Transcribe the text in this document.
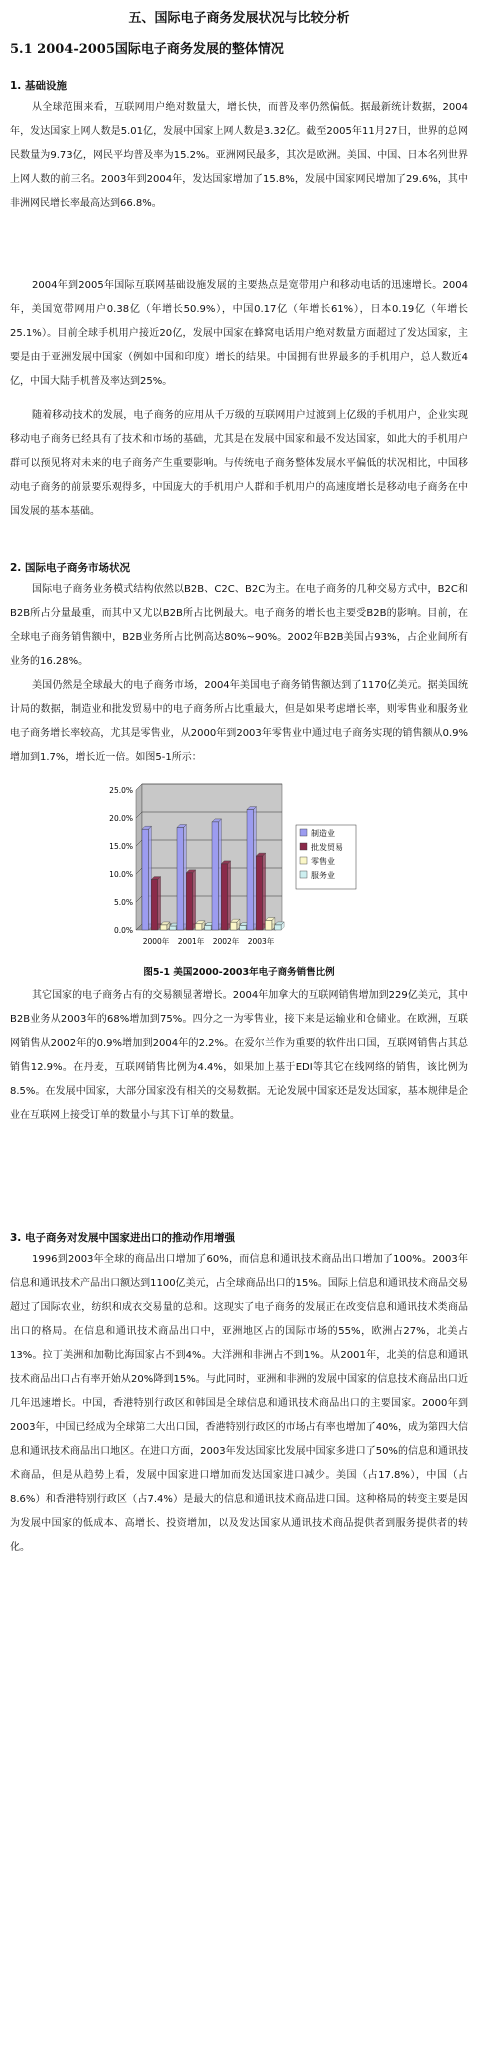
五、国际电子商务发展状况与比较分析
5.1 2004-2005国际电子商务发展的整体情况
1. 基础设施

从全球范围来看，互联网用户绝对数量大，增长快，而普及率仍然偏低。据最新统计数据，2004年，发达国家上网人数是5.01亿，发展中国家上网人数是3.32亿。截至2005年11月27日，世界的总网民数量为9.73亿，网民平均普及率为15.2%。亚洲网民最多，其次是欧洲。美国、中国、日本名列世界上网人数的前三名。2003年到2004年，发达国家增加了15.8%，发展中国家网民增加了29.6%，其中非洲网民增长率最高达到66.8%。

2004年到2005年国际互联网基础设施发展的主要热点是宽带用户和移动电话的迅速增长。2004年，美国宽带网用户0.38亿（年增长50.9%），中国0.17亿（年增长61%），日本0.19亿（年增长25.1%）。目前全球手机用户接近20亿，发展中国家在蜂窝电话用户绝对数量方面超过了发达国家，主要是由于亚洲发展中国家（例如中国和印度）增长的结果。中国拥有世界最多的手机用户，总人数近4亿，中国大陆手机普及率达到25%。

随着移动技术的发展，电子商务的应用从千万级的互联网用户过渡到上亿级的手机用户，企业实现移动电子商务已经具有了技术和市场的基础，尤其是在发展中国家和最不发达国家，如此大的手机用户群可以预见将对未来的电子商务产生重要影响。与传统电子商务整体发展水平偏低的状况相比，中国移动电子商务的前景要乐观得多，中国庞大的手机用户人群和手机用户的高速度增长是移动电子商务在中国发展的基本基础。

2. 国际电子商务市场状况

国际电子商务业务模式结构依然以B2B、C2C、B2C为主。在电子商务的几种交易方式中，B2C和B2B所占分量最重，而其中又尤以B2B所占比例最大。电子商务的增长也主要受B2B的影响。目前，在全球电子商务销售额中，B2B业务所占比例高达80%~90%。2002年B2B美国占93%，占企业间所有业务的16.28%。

美国仍然是全球最大的电子商务市场，2004年美国电子商务销售额达到了1170亿美元。据美国统计局的数据，制造业和批发贸易中的电子商务所占比重最大，但是如果考虑增长率，则零售业和服务业电子商务增长率较高，尤其是零售业，从2000年到2003年零售业中通过电子商务实现的销售额从0.9%增加到1.7%，增长近一倍。如图5-1所示：

0.0%
5.0%
10.0%
15.0%
20.0%
25.0%
2000年 2001年 2002年 2003年
制造业
批发贸易
零售业
服务业
图5-1 美国2000-2003年电子商务销售比例

其它国家的电子商务占有的交易额显著增长。2004年加拿大的互联网销售增加到229亿美元，其中B2B业务从2003年的68%增加到75%。四分之一为零售业，接下来是运输业和仓储业。在欧洲，互联网销售从2002年的0.9%增加到2004年的2.2%。在爱尔兰作为重要的软件出口国，互联网销售占其总销售12.9%。在丹麦，互联网销售比例为4.4%，如果加上基于EDI等其它在线网络的销售，该比例为8.5%。在发展中国家，大部分国家没有相关的交易数据。无论发展中国家还是发达国家，基本规律是企业在互联网上接受订单的数量小与其下订单的数量。

3. 电子商务对发展中国家进出口的推动作用增强

1996到2003年全球的商品出口增加了60%，而信息和通讯技术商品出口增加了100%。2003年信息和通讯技术产品出口额达到1100亿美元，占全球商品出口的15%。国际上信息和通讯技术商品交易超过了国际农业，纺织和成衣交易量的总和。这现实了电子商务的发展正在改变信息和通讯技术类商品出口的格局。在信息和通讯技术商品出口中，亚洲地区占的国际市场的55%，欧洲占27%，北美占13%。拉丁美洲和加勒比海国家占不到4%。大洋洲和非洲占不到1%。从2001年，北美的信息和通讯技术商品出口占有率开始从20%降到15%。与此同时，亚洲和非洲的发展中国家的信息技术商品出口近几年迅速增长。中国，香港特别行政区和韩国是全球信息和通讯技术商品出口的主要国家。2000年到2003年，中国已经成为全球第二大出口国，香港特别行政区的市场占有率也增加了40%，成为第四大信息和通讯技术商品出口地区。在进口方面，2003年发达国家比发展中国家多进口了50%的信息和通讯技术商品，但是从趋势上看，发展中国家进口增加而发达国家进口减少。美国（占17.8%），中国（占8.6%）和香港特别行政区（占7.4%）是最大的信息和通讯技术商品进口国。这种格局的转变主要是因为发展中国家的低成本、高增长、投资增加，以及发达国家从通讯技术商品提供者到服务提供者的转化。
